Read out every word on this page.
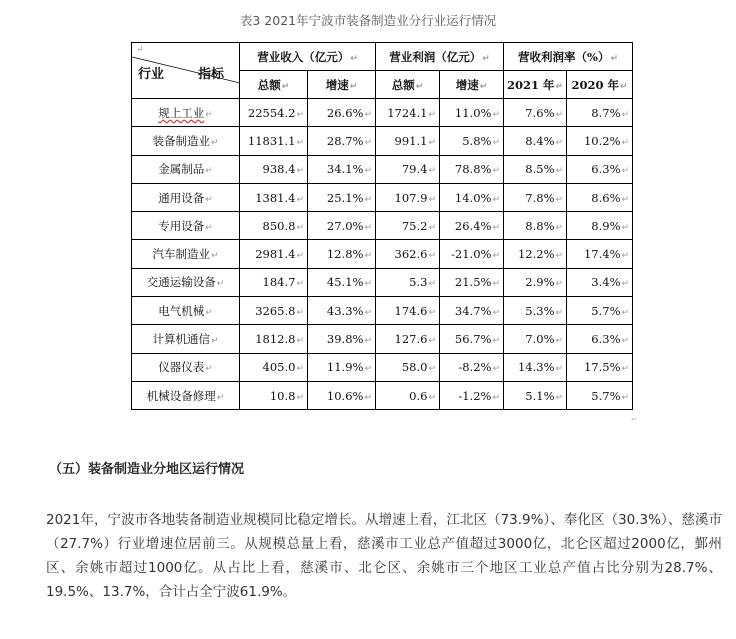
表3 2021年宁波市装备制造业分行业运行情况
↵
行业 指标	营业收入（亿元）↵		营业利润（亿元）↵		营收利润率（%）↵	
	总额↵	增速↵	总额↵	增速↵	2021 年↵	2020 年↵
规上工业↵	22554.2↵	26.6%↵	1724.1↵	11.0%↵	7.6%↵	8.7%↵
装备制造业↵	11831.1↵	28.7%↵	991.1↵	5.8%↵	8.4%↵	10.2%↵
金属制品↵	938.4↵	34.1%↵	79.4↵	78.8%↵	8.5%↵	6.3%↵
通用设备↵	1381.4↵	25.1%↵	107.9↵	14.0%↵	7.8%↵	8.6%↵
专用设备↵	850.8↵	27.0%↵	75.2↵	26.4%↵	8.8%↵	8.9%↵
汽车制造业↵	2981.4↵	12.8%↵	362.6↵	-21.0%↵	12.2%↵	17.4%↵
交通运输设备↵	184.7↵	45.1%↵	5.3↵	21.5%↵	2.9%↵	3.4%↵
电气机械↵	3265.8↵	43.3%↵	174.6↵	34.7%↵	5.3%↵	5.7%↵
计算机通信↵	1812.8↵	39.8%↵	127.6↵	56.7%↵	7.0%↵	6.3%↵
仪器仪表↵	405.0↵	11.9%↵	58.0↵	-8.2%↵	14.3%↵	17.5%↵
机械设备修理↵	10.8↵	10.6%↵	0.6↵	-1.2%↵	5.1%↵	5.7%↵
⌐
（五）装备制造业分地区运行情况

2021年，宁波市各地装备制造业规模同比稳定增长。从增速上看，江北区（73.9%）、奉化区（30.3%）、慈溪市（27.7%）行业增速位居前三。从规模总量上看，慈溪市工业总产值超过3000亿，北仑区超过2000亿，鄞州区、余姚市超过1000亿。从占比上看，慈溪市、北仑区、余姚市三个地区工业总产值占比分别为28.7%、19.5%、13.7%，合计占全宁波61.9%。
